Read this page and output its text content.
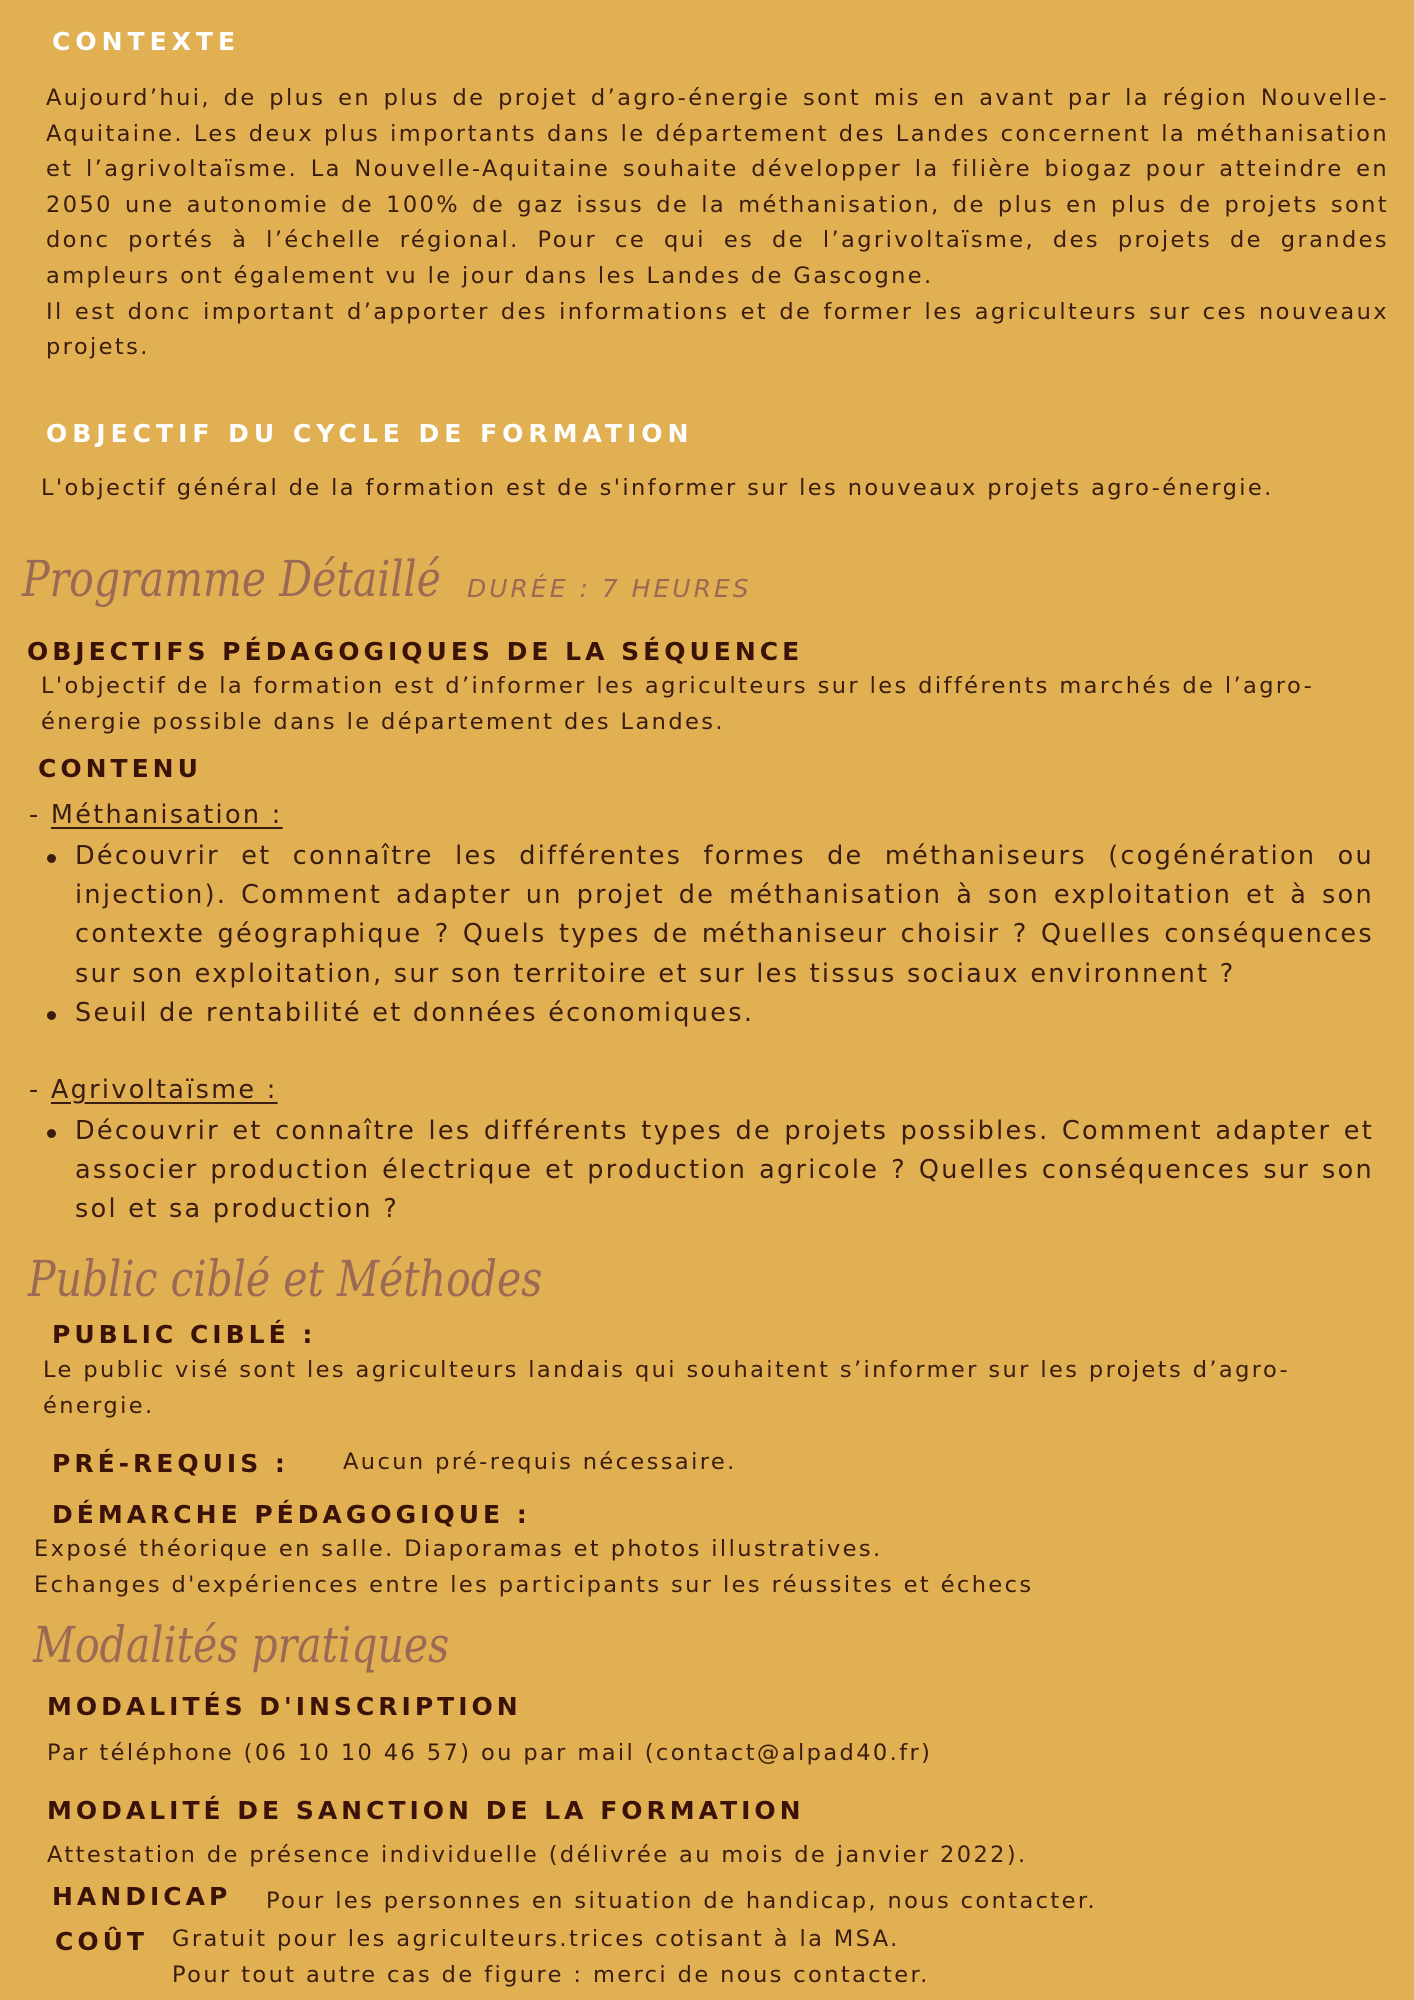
CONTEXTE

Aujourd’hui, de plus en plus de projet d’agro-énergie sont mis en avant par la région Nouvelle-Aquitaine. Les deux plus importants dans le département des Landes concernent la méthanisation et l’agrivoltaïsme. La Nouvelle-Aquitaine souhaite développer la filière biogaz pour atteindre en 2050 une autonomie de 100% de gaz issus de la méthanisation, de plus en plus de projets sont donc portés à l’échelle régional. Pour ce qui es de l’agrivoltaïsme, des projets de grandes ampleurs ont également vu le jour dans les Landes de Gascogne.

Il est donc important d’apporter des informations et de former les agriculteurs sur ces nouveaux projets.

OBJECTIF DU CYCLE DE FORMATION
L'objectif général de la formation est de s'informer sur les nouveaux projets agro-énergie.
Programme Détaillé DURÉE : 7 HEURES
OBJECTIFS PÉDAGOGIQUES DE LA SÉQUENCE
L'objectif de la formation est d’informer les agriculteurs sur les différents marchés de l’agro-énergie possible dans le département des Landes.
CONTENU
- Méthanisation :
Découvrir et connaître les différentes formes de méthaniseurs (cogénération ou injection). Comment adapter un projet de méthanisation à son exploitation et à son contexte géographique ? Quels types de méthaniseur choisir ? Quelles conséquences sur son exploitation, sur son territoire et sur les tissus sociaux environnent ?
Seuil de rentabilité et données économiques.
- Agrivoltaïsme :
Découvrir et connaître les différents types de projets possibles. Comment adapter et associer production électrique et production agricole ? Quelles conséquences sur son sol et sa production ?
Public ciblé et Méthodes
PUBLIC CIBLÉ :
Le public visé sont les agriculteurs landais qui souhaitent s’informer sur les projets d’agro-énergie.
PRÉ-REQUIS : Aucun pré-requis nécessaire.
DÉMARCHE PÉDAGOGIQUE :
Exposé théorique en salle. Diaporamas et photos illustratives.
Echanges d'expériences entre les participants sur les réussites et échecs
Modalités pratiques
MODALITÉS D'INSCRIPTION
Par téléphone (06 10 10 46 57) ou par mail (contact@alpad40.fr)
MODALITÉ DE SANCTION DE LA FORMATION
Attestation de présence individuelle (délivrée au mois de janvier 2022).
HANDICAP Pour les personnes en situation de handicap, nous contacter.
COÛT Gratuit pour les agriculteurs.trices cotisant à la MSA.
Pour tout autre cas de figure : merci de nous contacter.
